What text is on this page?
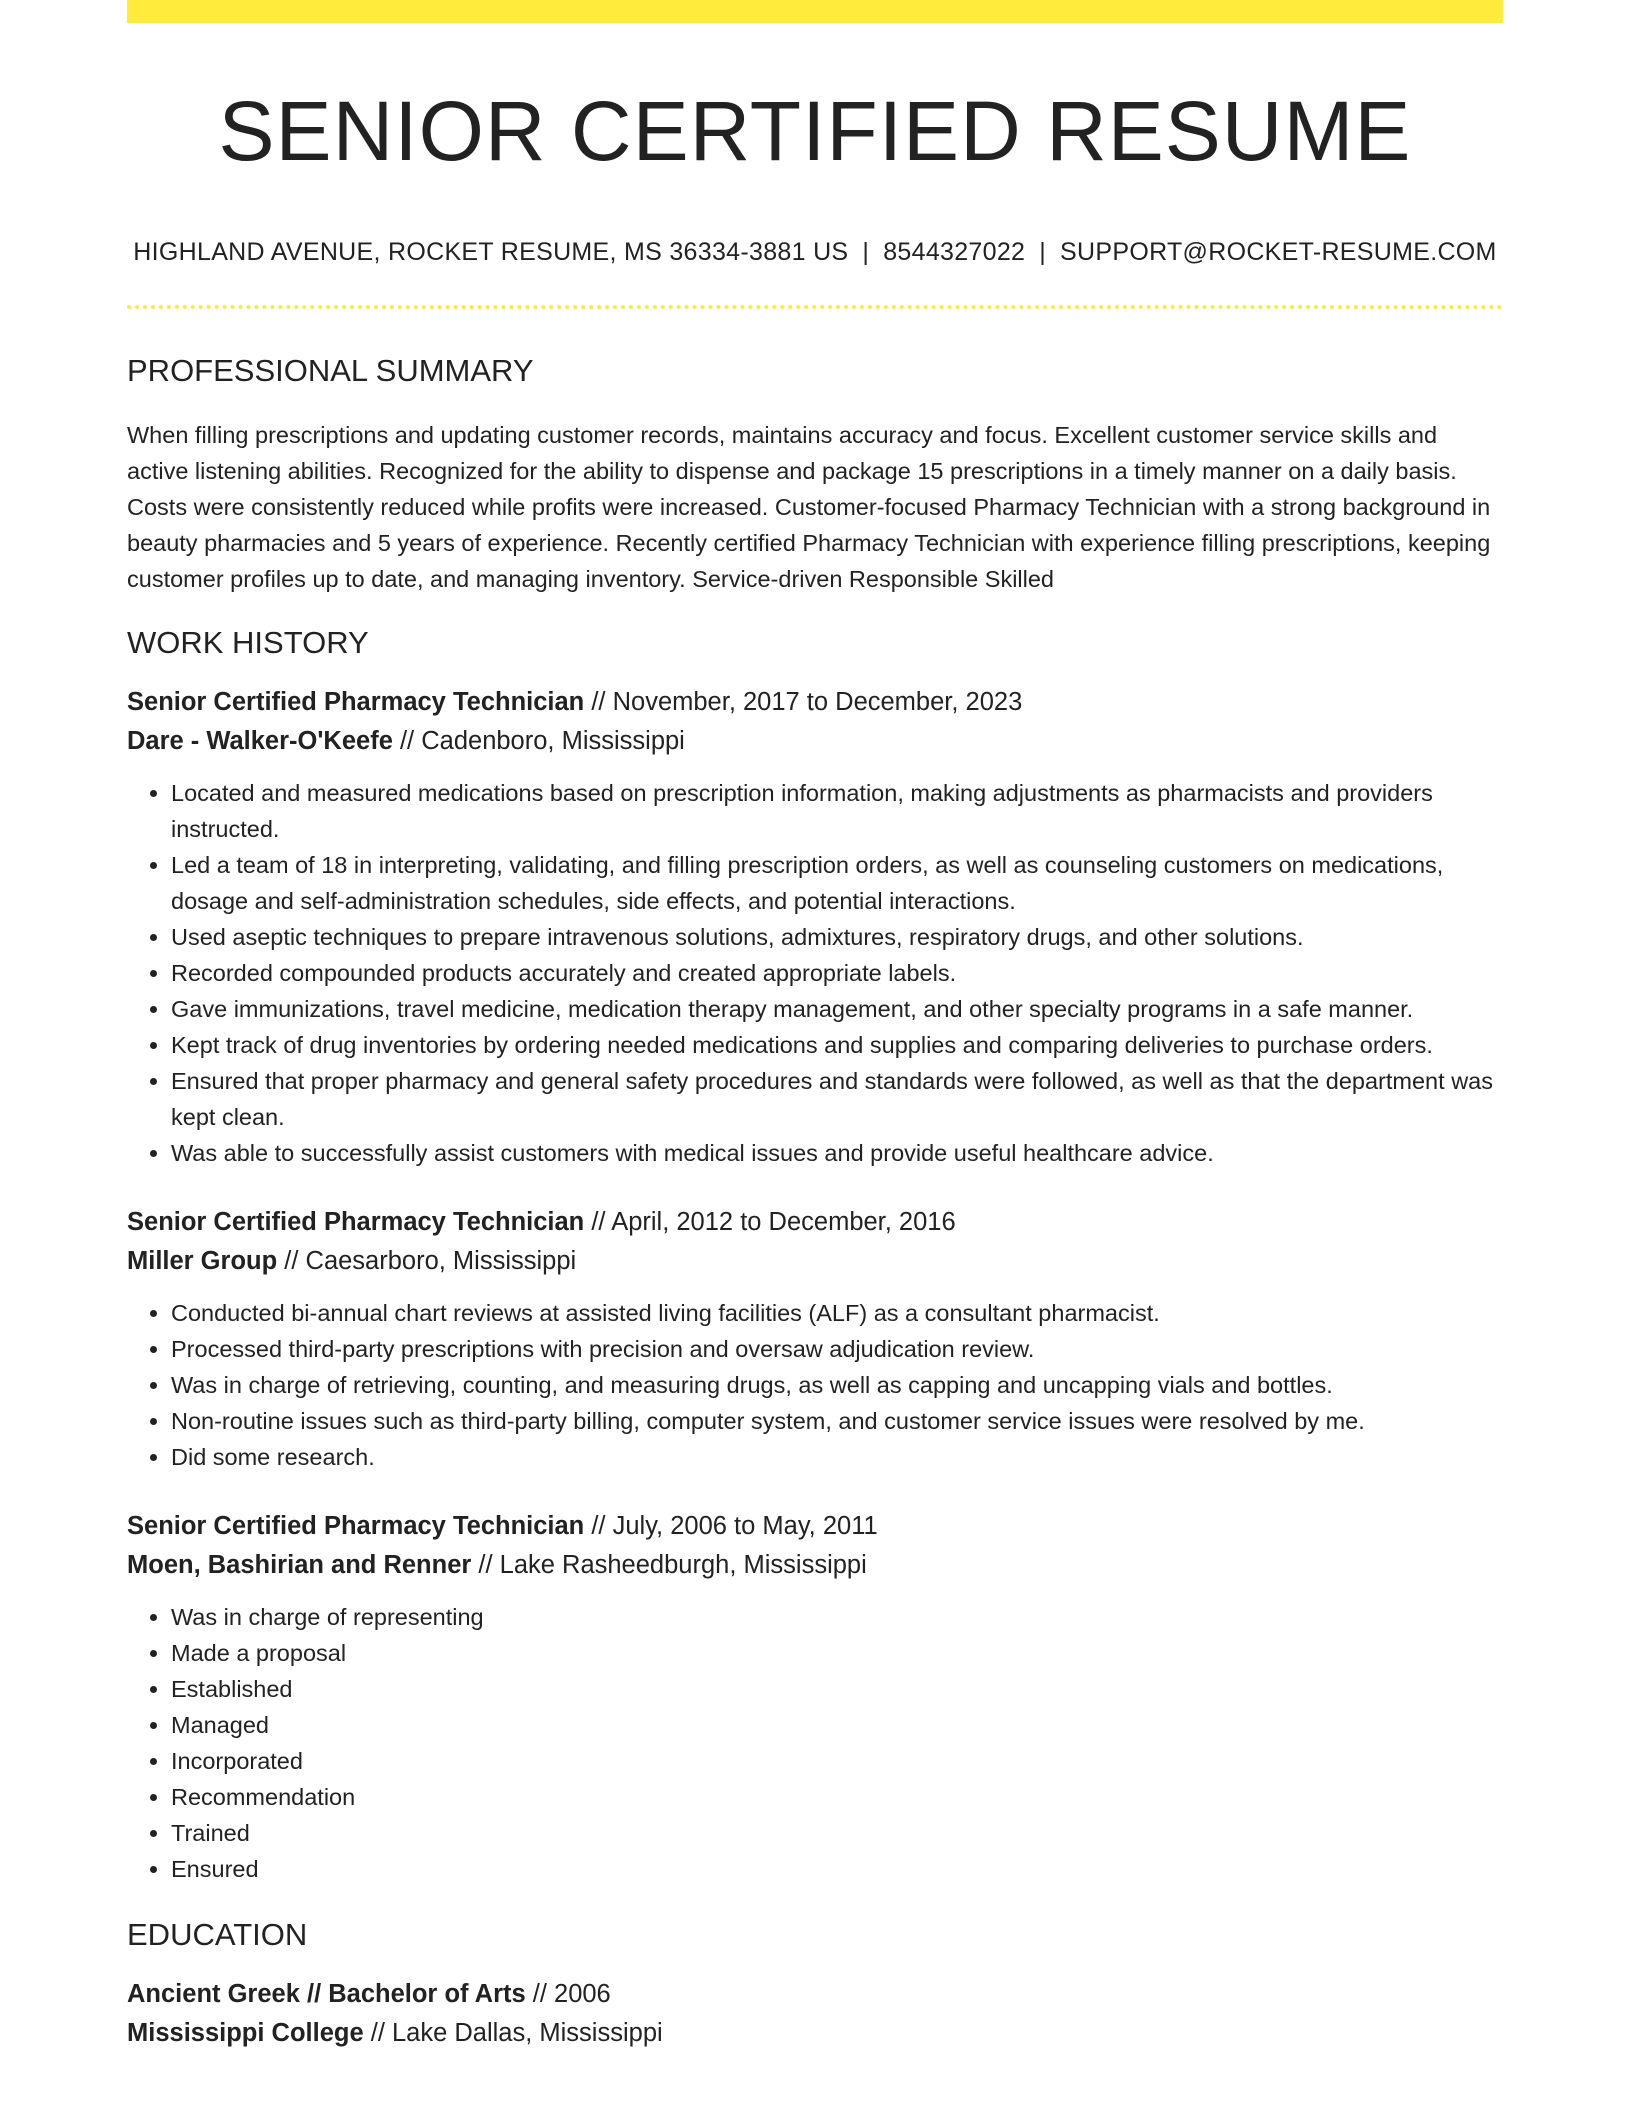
SENIOR CERTIFIED RESUME
HIGHLAND AVENUE, ROCKET RESUME, MS 36334-3881 US | 8544327022 | SUPPORT@ROCKET-RESUME.COM
PROFESSIONAL SUMMARY
When filling prescriptions and updating customer records, maintains accuracy and focus. Excellent customer service skills and active listening abilities. Recognized for the ability to dispense and package 15 prescriptions in a timely manner on a daily basis. Costs were consistently reduced while profits were increased. Customer-focused Pharmacy Technician with a strong background in beauty pharmacies and 5 years of experience. Recently certified Pharmacy Technician with experience filling prescriptions, keeping customer profiles up to date, and managing inventory. Service-driven Responsible Skilled
WORK HISTORY
Senior Certified Pharmacy Technician // November, 2017 to December, 2023
Dare - Walker-O'Keefe // Cadenboro, Mississippi
• Located and measured medications based on prescription information, making adjustments as pharmacists and providers instructed.
• Led a team of 18 in interpreting, validating, and filling prescription orders, as well as counseling customers on medications, dosage and self-administration schedules, side effects, and potential interactions.
• Used aseptic techniques to prepare intravenous solutions, admixtures, respiratory drugs, and other solutions.
• Recorded compounded products accurately and created appropriate labels.
• Gave immunizations, travel medicine, medication therapy management, and other specialty programs in a safe manner.
• Kept track of drug inventories by ordering needed medications and supplies and comparing deliveries to purchase orders.
• Ensured that proper pharmacy and general safety procedures and standards were followed, as well as that the department was kept clean.
• Was able to successfully assist customers with medical issues and provide useful healthcare advice.
Senior Certified Pharmacy Technician // April, 2012 to December, 2016
Miller Group // Caesarboro, Mississippi
• Conducted bi-annual chart reviews at assisted living facilities (ALF) as a consultant pharmacist.
• Processed third-party prescriptions with precision and oversaw adjudication review.
• Was in charge of retrieving, counting, and measuring drugs, as well as capping and uncapping vials and bottles.
• Non-routine issues such as third-party billing, computer system, and customer service issues were resolved by me.
• Did some research.
Senior Certified Pharmacy Technician // July, 2006 to May, 2011
Moen, Bashirian and Renner // Lake Rasheedburgh, Mississippi
• Was in charge of representing
• Made a proposal
• Established
• Managed
• Incorporated
• Recommendation
• Trained
• Ensured
EDUCATION
Ancient Greek // Bachelor of Arts // 2006
Mississippi College // Lake Dallas, Mississippi
